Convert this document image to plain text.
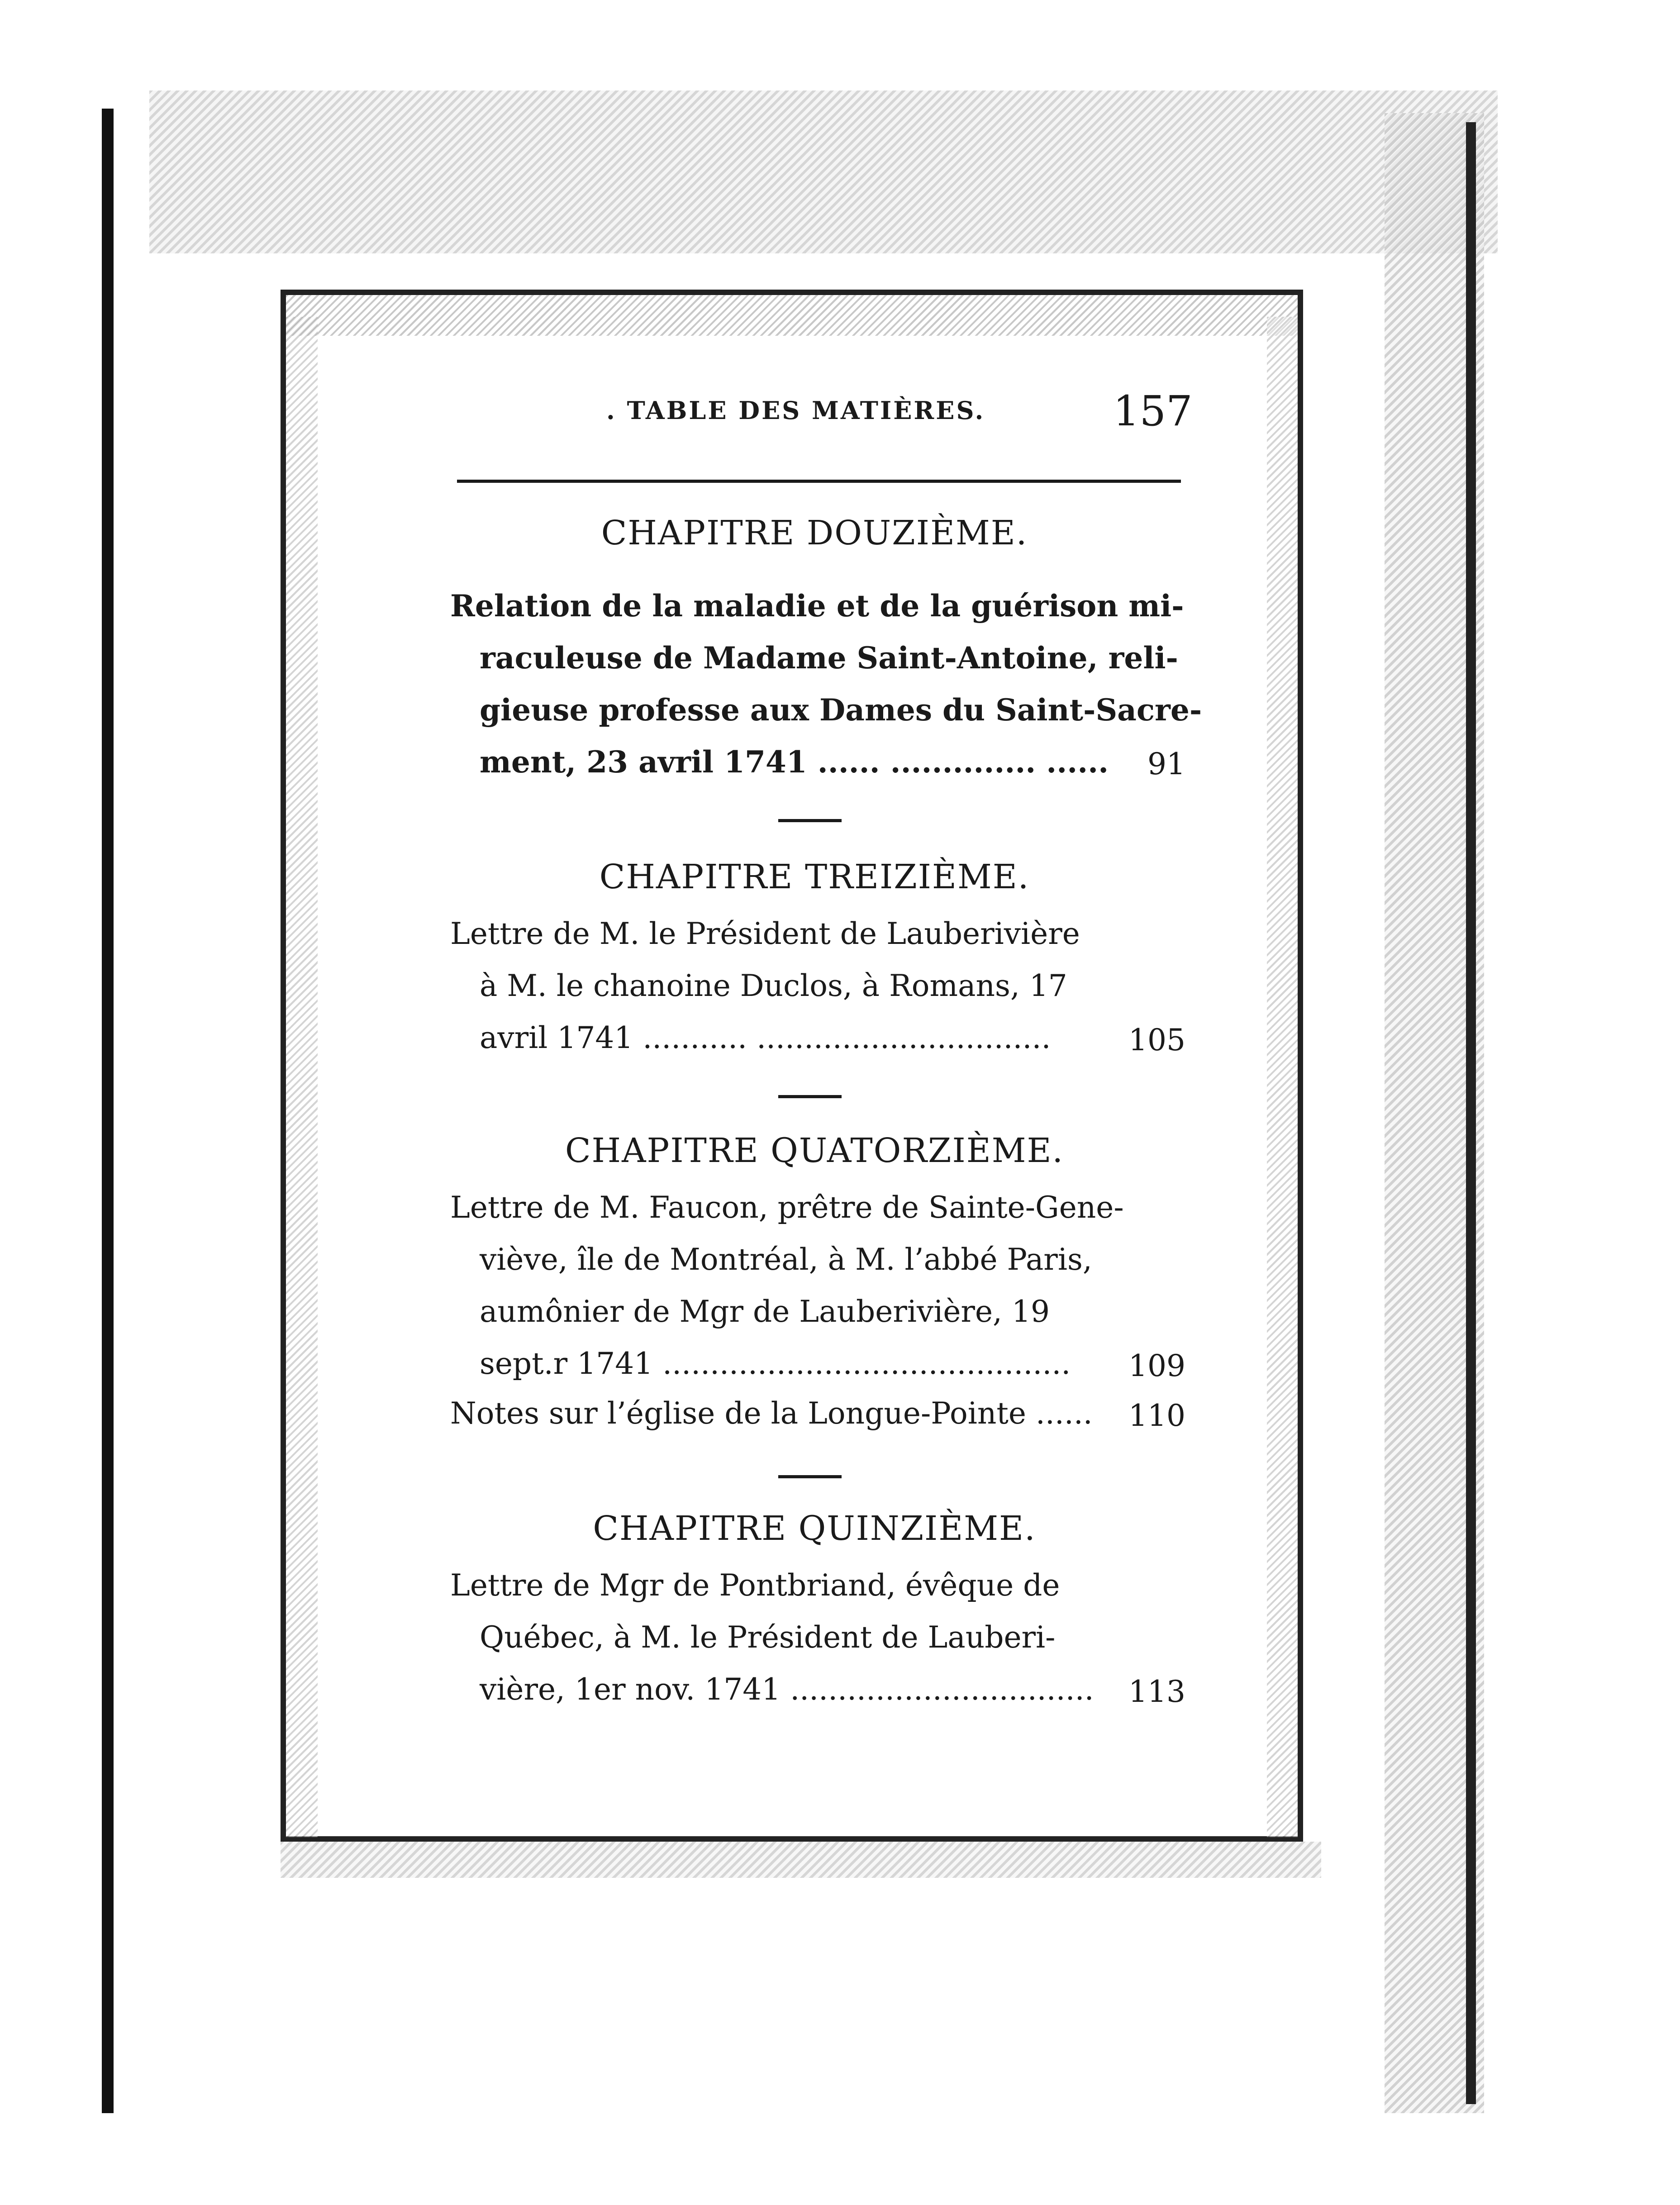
. TABLE DES MATIÈRES.	157
CHAPITRE DOUZIÈME.
Relation de la maladie et de la guérison mi-
raculeuse de Madame Saint-Antoine, reli-
gieuse professe aux Dames du Saint-Sacre-
ment, 23 avril 1741 ...... .............. ......	91
CHAPITRE TREIZIÈME.
Lettre de M. le Président de Lauberivière
à M. le chanoine Duclos, à Romans, 17
avril 1741 ........... ...............................	105
CHAPITRE QUATORZIÈME.
Lettre de M. Faucon, prêtre de Sainte-Gene-
viève, île de Montréal, à M. l’abbé Paris,
aumônier de Mgr de Lauberivière, 19
sept.r 1741 ...........................................	109
Notes sur l’église de la Longue-Pointe ......	110
CHAPITRE QUINZIÈME.
Lettre de Mgr de Pontbriand, évêque de
Québec, à M. le Président de Lauberi-
vière, 1er nov. 1741 ................................	113
